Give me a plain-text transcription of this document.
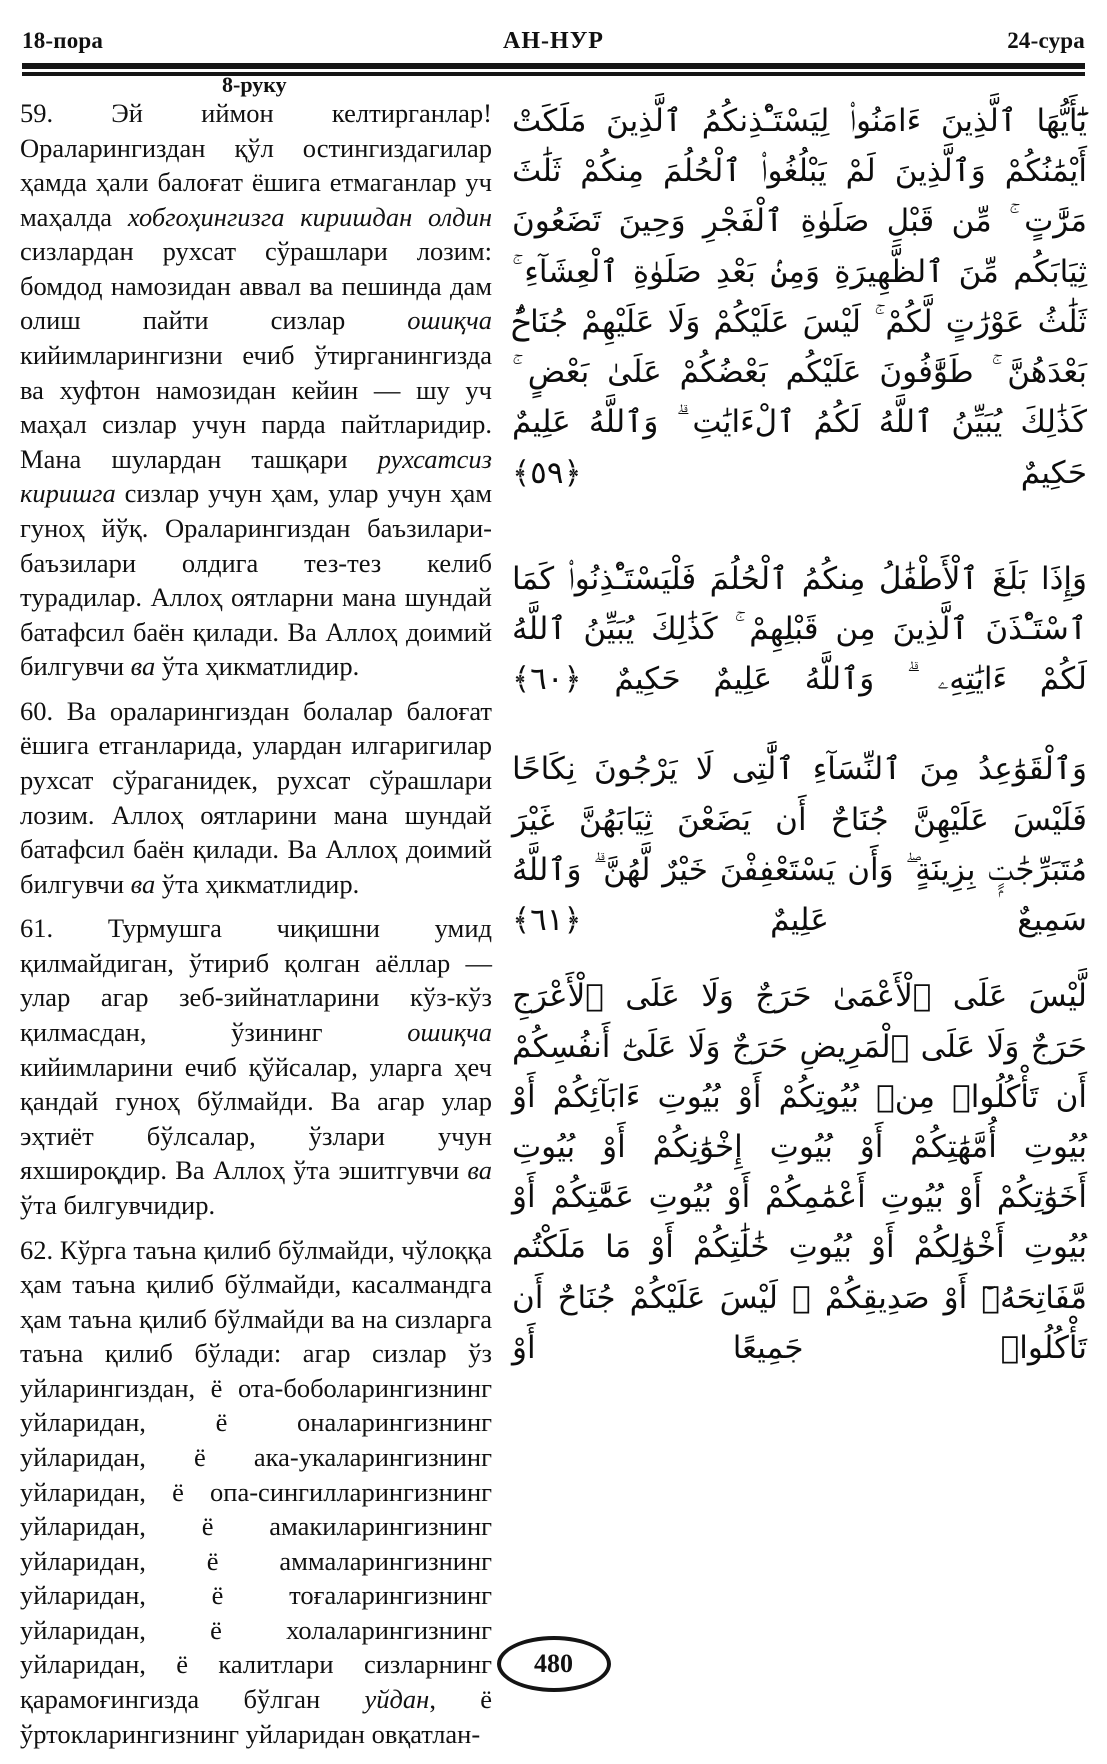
18-пора	АН-НУР	24-сура
8-руку

59. Эй иймон келтирганлар! Ораларингиздан қўл остингиздагилар ҳамда ҳали балоғат ёшига етмаганлар уч маҳалда хобгоҳингизга киришдан олдин сизлардан рухсат сўрашлари лозим: бомдод намозидан аввал ва пешинда дам олиш пайти сизлар ошиқча кийимларингизни ечиб ўтирганингизда ва хуфтон намозидан кейин — шу уч маҳал сизлар учун парда пайтларидир. Мана шулардан ташқари рухсатсиз киришга сизлар учун ҳам, улар учун ҳам гуноҳ йўқ. Ораларингиздан баъзилари-баъзилари олдига тез-тез келиб турадилар. Аллоҳ оятларни мана шундай батафсил баён қилади. Ва Аллоҳ доимий билгувчи ва ўта ҳикматлидир.

60. Ва ораларингиздан болалар балоғат ёшига етганларида, улардан илгаригилар рухсат сўраганидек, рухсат сўрашлари лозим. Аллоҳ оятларини мана шундай батафсил баён қилади. Ва Аллоҳ доимий билгувчи ва ўта ҳикматлидир.

61. Турмушга чиқишни умид қилмайдиган, ўтириб қолган аёллар — улар агар зеб-зийнатларини кўз-кўз қилмасдан, ўзининг ошиқча кийимларини ечиб қўйсалар, уларга ҳеч қандай гуноҳ бўлмайди. Ва агар улар эҳтиёт бўлсалар, ўзлари учун яхшироқдир. Ва Аллоҳ ўта эшитгувчи ва ўта билгувчидир.

62. Кўрга таъна қилиб бўлмайди, чўлоққа ҳам таъна қилиб бўлмайди, касалмандга ҳам таъна қилиб бўлмайди ва на сизларга таъна қилиб бўлади: агар сизлар ўз уйларингиздан, ё ота-боболарингизнинг уйларидан, ё оналарингизнинг уйларидан, ё ака-укаларингизнинг уйларидан, ё опа-сингилларингизнинг уйларидан, ё амакиларингизнинг уйларидан, ё аммаларингизнинг уйларидан, ё тоғаларингизнинг уйларидан, ё холаларингизнинг уйларидан, ё калитлари сизларнинг қарамоғингизда бўлган уйдан, ё ўртокларингизнинг уйларидан овқатлан-

يَٰٓأَيُّهَا ٱلَّذِينَ ءَامَنُوا۟ لِيَسْتَـْٔذِنكُمُ ٱلَّذِينَ مَلَكَتْ أَيْمَٰنُكُمْ وَٱلَّذِينَ لَمْ يَبْلُغُوا۟ ٱلْحُلُمَ مِنكُمْ ثَلَٰثَ مَرَّٰتٍ ۚ مِّن قَبْلِ صَلَوٰةِ ٱلْفَجْرِ وَحِينَ تَضَعُونَ ثِيَابَكُم مِّنَ ٱلظَّهِيرَةِ وَمِنۢ بَعْدِ صَلَوٰةِ ٱلْعِشَآءِ ۚ ثَلَٰثُ عَوْرَٰتٍ لَّكُمْ ۚ لَيْسَ عَلَيْكُمْ وَلَا عَلَيْهِمْ جُنَاحٌۢ بَعْدَهُنَّ ۚ طَوَّٰفُونَ عَلَيْكُم بَعْضُكُمْ عَلَىٰ بَعْضٍ ۚ كَذَٰلِكَ يُبَيِّنُ ٱللَّهُ لَكُمُ ٱلْءَايَٰتِ ۗ وَٱللَّهُ عَلِيمٌ حَكِيمٌ ﴿٥٩﴾

وَإِذَا بَلَغَ ٱلْأَطْفَٰلُ مِنكُمُ ٱلْحُلُمَ فَلْيَسْتَـْٔذِنُوا۟ كَمَا ٱسْتَـْٔذَنَ ٱلَّذِينَ مِن قَبْلِهِمْ ۚ كَذَٰلِكَ يُبَيِّنُ ٱللَّهُ لَكُمْ ءَايَٰتِهِۦ ۗ وَٱللَّهُ عَلِيمٌ حَكِيمٌ ﴿٦٠﴾

وَٱلْقَوَٰعِدُ مِنَ ٱلنِّسَآءِ ٱلَّٰتِى لَا يَرْجُونَ نِكَاحًا فَلَيْسَ عَلَيْهِنَّ جُنَاحٌ أَن يَضَعْنَ ثِيَابَهُنَّ غَيْرَ مُتَبَرِّجَٰتٍۭ بِزِينَةٍ ۖ وَأَن يَسْتَعْفِفْنَ خَيْرٌ لَّهُنَّ ۗ وَٱللَّهُ سَمِيعٌ عَلِيمٌ ﴿٦١﴾

لَّيْسَ عَلَى ٱلْأَعْمَىٰ حَرَجٌ وَلَا عَلَى ٱلْأَعْرَجِ حَرَجٌ وَلَا عَلَى ٱلْمَرِيضِ حَرَجٌ وَلَا عَلَىٰٓ أَنفُسِكُمْ أَن تَأْكُلُوا۟ مِنۢ بُيُوتِكُمْ أَوْ بُيُوتِ ءَابَآئِكُمْ أَوْ بُيُوتِ أُمَّهَٰتِكُمْ أَوْ بُيُوتِ إِخْوَٰنِكُمْ أَوْ بُيُوتِ أَخَوَٰتِكُمْ أَوْ بُيُوتِ أَعْمَٰمِكُمْ أَوْ بُيُوتِ عَمَّٰتِكُمْ أَوْ بُيُوتِ أَخْوَٰلِكُمْ أَوْ بُيُوتِ خَٰلَٰتِكُمْ أَوْ مَا مَلَكْتُم مَّفَاتِحَهُۥٓ أَوْ صَدِيقِكُمْ ۚ لَيْسَ عَلَيْكُمْ جُنَاحٌ أَن تَأْكُلُوا۟ جَمِيعًا أَوْ

480
